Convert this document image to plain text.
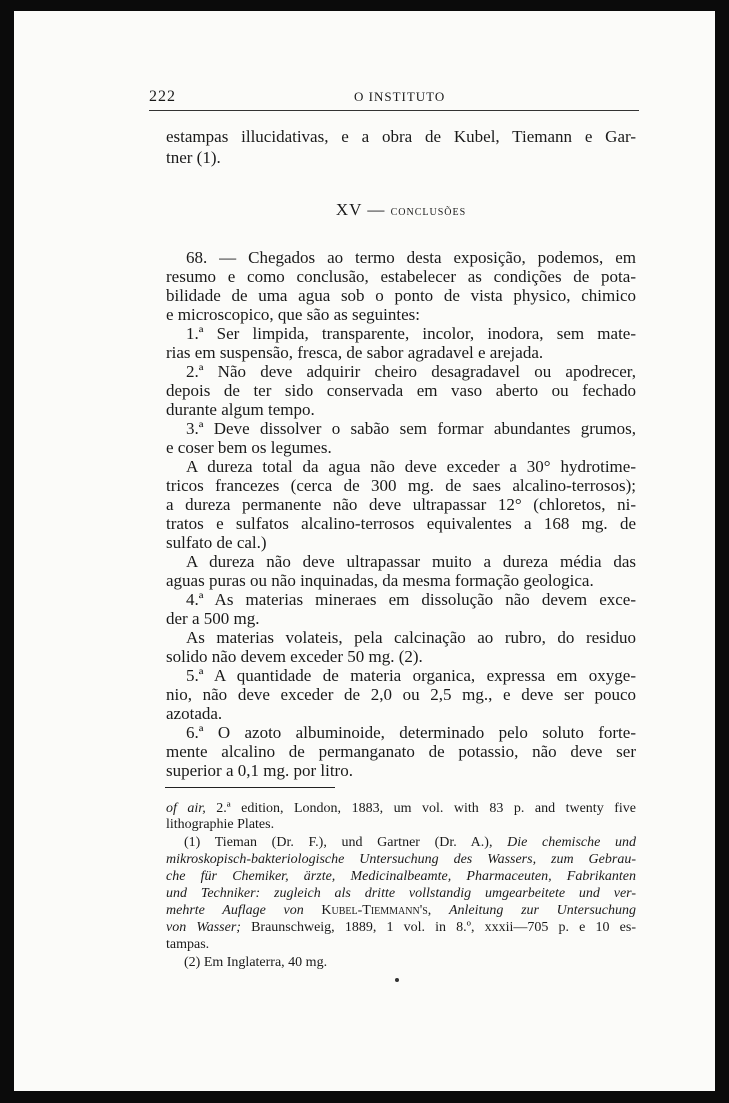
222	O INSTITUTO
estampas illucidativas, e a obra de Kubel, Tiemann e Gar-
tner (1).
XV — conclusões
68. — Chegados ao termo desta exposição, podemos, em
resumo e como conclusão, estabelecer as condições de pota-
bilidade de uma agua sob o ponto de vista physico, chimico
e microscopico, que são as seguintes:
1.ª Ser limpida, transparente, incolor, inodora, sem mate-
rias em suspensão, fresca, de sabor agradavel e arejada.
2.ª Não deve adquirir cheiro desagradavel ou apodrecer,
depois de ter sido conservada em vaso aberto ou fechado
durante algum tempo.
3.ª Deve dissolver o sabão sem formar abundantes grumos,
e coser bem os legumes.
A dureza total da agua não deve exceder a 30° hydrotime-
tricos francezes (cerca de 300 mg. de saes alcalino-terrosos);
a dureza permanente não deve ultrapassar 12° (chloretos, ni-
tratos e sulfatos alcalino-terrosos equivalentes a 168 mg. de
sulfato de cal.)
A dureza não deve ultrapassar muito a dureza média das
aguas puras ou não inquinadas, da mesma formação geologica.
4.ª As materias mineraes em dissolução não devem exce-
der a 500 mg.
As materias volateis, pela calcinação ao rubro, do residuo
solido não devem exceder 50 mg. (2).
5.ª A quantidade de materia organica, expressa em oxyge-
nio, não deve exceder de 2,0 ou 2,5 mg., e deve ser pouco
azotada.
6.ª O azoto albuminoide, determinado pelo soluto forte-
mente alcalino de permanganato de potassio, não deve ser
superior a 0,1 mg. por litro.
of air, 2.ª edition, London, 1883, um vol. with 83 p. and twenty five
lithographie Plates.
(1) Tieman (Dr. F.), und Gartner (Dr. A.), Die chemische und
mikroskopisch-bakteriologische Untersuchung des Wassers, zum Gebrau-
che für Chemiker, ärzte, Medicinalbeamte, Pharmaceuten, Fabrikanten
und Techniker: zugleich als dritte vollstandig umgearbeitete und ver-
mehrte Auflage von Kubel-Tiemmann's, Anleitung zur Untersuchung
von Wasser; Braunschweig, 1889, 1 vol. in 8.º, xxxii—705 p. e 10 es-
tampas.
(2) Em Inglaterra, 40 mg.
